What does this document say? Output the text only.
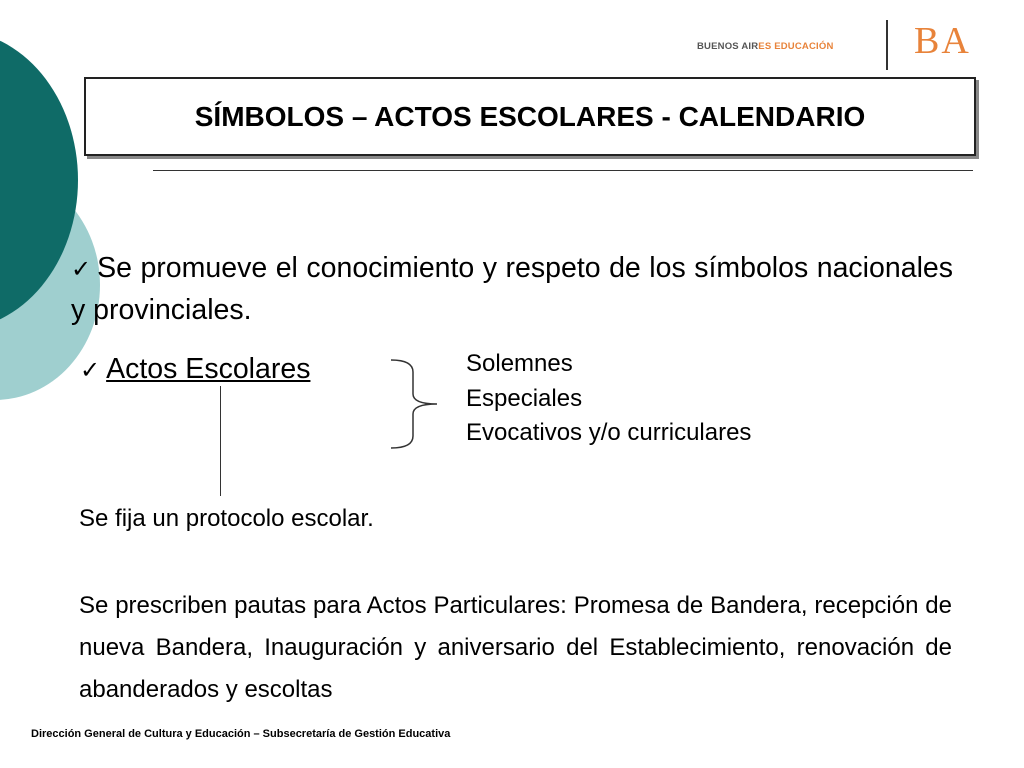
BUENOS AIRES EDUCACIÓN BA
SÍMBOLOS – ACTOS ESCOLARES - CALENDARIO
✓ Se promueve el conocimiento y respeto de los símbolos nacionales y provinciales.
✓ Actos Escolares	Solemnes
Especiales
Evocativos y/o curriculares
Se fija un protocolo escolar.
Se prescriben pautas para Actos Particulares: Promesa de Bandera, recepción de nueva Bandera, Inauguración y aniversario del Establecimiento, renovación de abanderados y escoltas
Dirección General de Cultura y Educación – Subsecretaría de Gestión Educativa
